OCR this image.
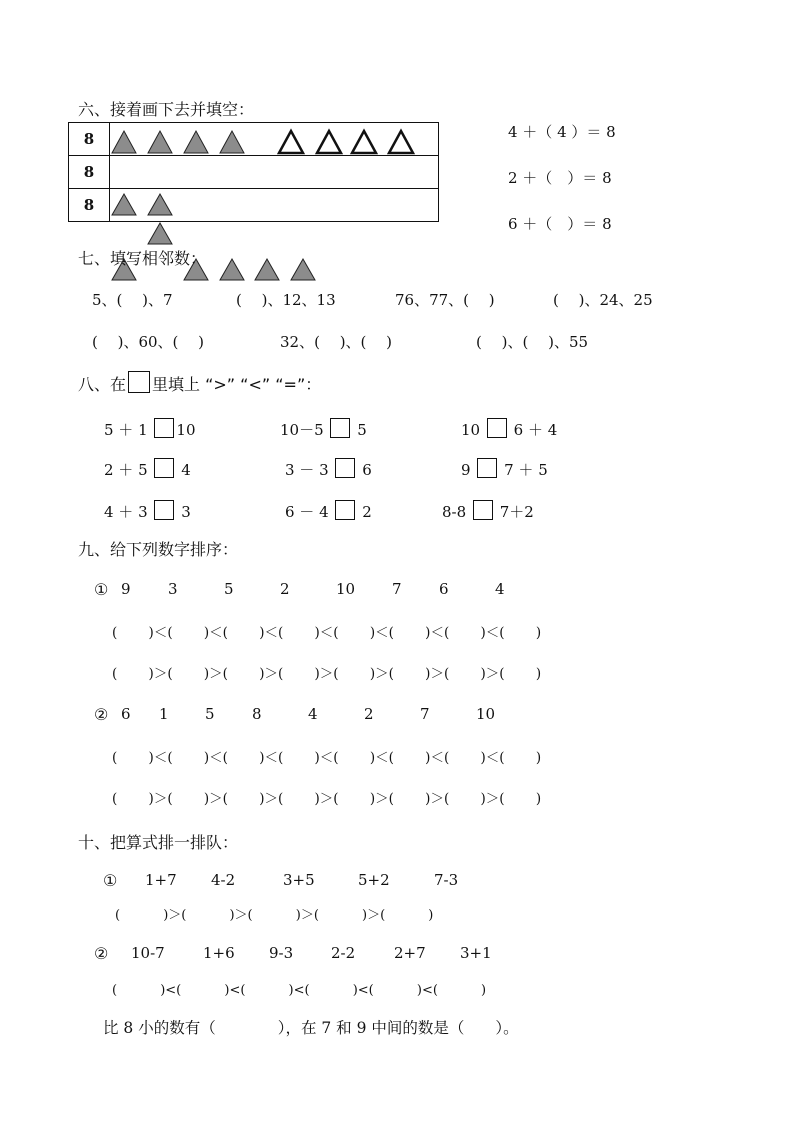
六、接着画下去并填空：
8	
8	
8	
4 ＋（ 4 ）＝ 8
2 ＋（　）＝ 8
6 ＋（　）＝ 8
七、填写相邻数：
5、(　 )、7	(　 )、12、13	76、77、(　 )	(　 )、24、25
(　 )、60、(　 )	32、(　 )、(　 )	(　 )、(　 )、55
八、在 里填上 “>” “<” “=”：
5 ＋ 1 10	10－5 5	10 6 ＋ 4
2 ＋ 5 4	3 － 3 6	9 7 ＋ 5
4 ＋ 3 3	6 － 4 2	8-8 7＋2
九、给下列数字排序：
① 9 3	5	2	10 7 6	4
(　　 )＜(　　 )＜(　　 )＜(　　 )＜(　　 )＜(　　 )＜(　　 )＜(　　 )
(　　 )＞(　　 )＞(　　 )＞(　　 )＞(　　 )＞(　　 )＞(　　 )＞(　　 )
② 6 1 5 8	4	2	7	10
(　　 )＜(　　 )＜(　　 )＜(　　 )＜(　　 )＜(　　 )＜(　　 )＜(　　 )
(　　 )＞(　　 )＞(　　 )＞(　　 )＞(　　 )＞(　　 )＞(　　 )＞(　　 )
十、把算式排一排队：
① 1+7 4-2	3+5	5+2	7-3
(　　　 )＞(　　　 )＞(　　　 )＞(　　　 )＞(　　　 )
② 10-7	1+6 9-3	2-2	2+7 3+1
(　　　 )<(　　　 )<(　　　 )<(　　　 )<(　　　 )<(　　　 )
比 8 小的数有（　　　　），在 7 和 9 中间的数是（　　）。
